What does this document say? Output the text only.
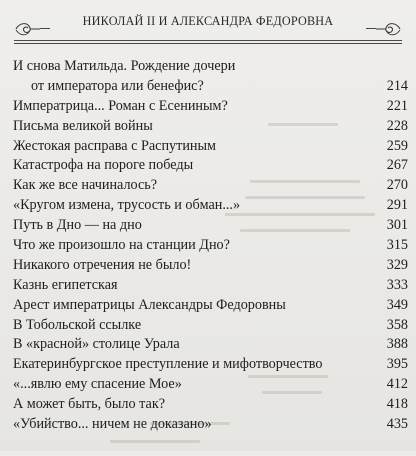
НИКОЛАЙ II И АЛЕКСАНДРА ФЕДОРОВНА
И снова Матильда. Рождение дочери
от императора или бенефис?	214
Императрица... Роман с Есениным?	221
Письма великой войны	228
Жестокая расправа с Распутиным	259
Катастрофа на пороге победы	267
Как же все начиналось?	270
«Кругом измена, трусость и обман...»	291
Путь в Дно — на дно	301
Что же произошло на станции Дно?	315
Никакого отречения не было!	329
Казнь египетская	333
Арест императрицы Александры Федоровны	349
В Тобольской ссылке	358
В «красной» столице Урала	388
Екатеринбургское преступление и мифотворчество	395
«...явлю ему спасение Мое»	412
А может быть, было так?	418
«Убийство... ничем не доказано»	435
